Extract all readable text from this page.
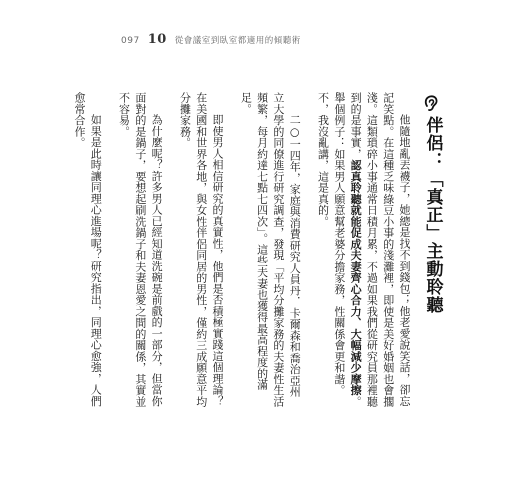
097 10 從會議室到臥室都適用的傾聽術
伴侶：「真正」主動聆聽

他隨地亂丟襪子，她總是找不到錢包；他老愛說笑話，卻忘記笑點。在這種乏味綠豆小事的淺灘裡，即使是美好婚姻也會擱淺。這類瑣碎小事通常日積月累，不過如果我們從研究員那裡聽到的是事實，認真聆聽就能促成夫妻齊心合力、大幅減少摩擦。舉個例子：如果男人願意幫老婆分擔家務，性關係會更和諧。不，我沒亂講，這是真的。

二○一四年，家庭與消費研究人員丹．卡爾森和喬治亞州立大學的同僚進行研究調查，發現「平均分攤家務的夫妻性生活頻繁，每月約達七點七四次」。這些夫妻也獲得最高程度的滿足。

即使男人相信研究的真實性，他們是否積極實踐這個理論？在美國和世界各地，與女性伴侶同居的男性，僅約三成願意平均分攤家務。

為什麼呢？許多男人已經知道洗碗是前戲的一部分，但當你面對的是鍋子，要想起刷洗鍋子和夫妻恩愛之間的關係，其實並不容易。

如果是此時讓同理心進場呢？研究指出，同理心愈強，人們愈常合作。
